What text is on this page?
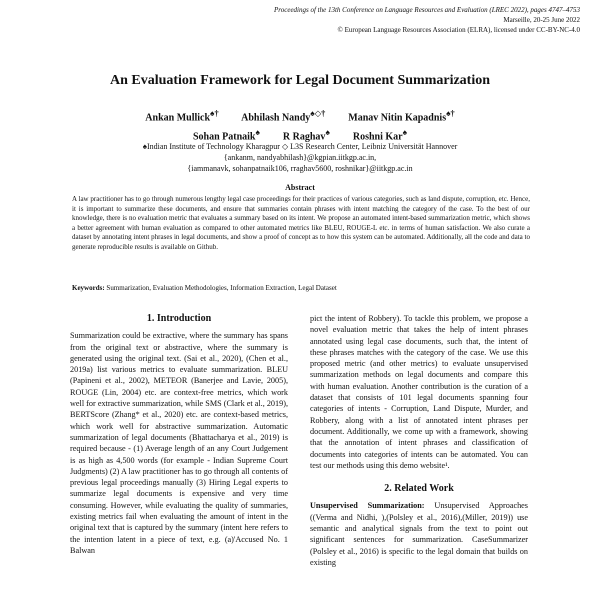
Proceedings of the 13th Conference on Language Resources and Evaluation (LREC 2022), pages 4747–4753
Marseille, 20-25 June 2022
© European Language Resources Association (ELRA), licensed under CC-BY-NC-4.0
An Evaluation Framework for Legal Document Summarization
Ankan Mullick♠† Abhilash Nandy♠◇† Manav Nitin Kapadnis♠†
Sohan Patnaik♠ R Raghav♠ Roshni Kar♠
♠Indian Institute of Technology Kharagpur ◇ L3S Research Center, Leibniz Universität Hannover
{ankanm, nandyabhilash}@kgpian.iitkgp.ac.in,
{iammanavk, sohanpatnaik106, rraghav5600, roshnikar}@iitkgp.ac.in
Abstract
A law practitioner has to go through numerous lengthy legal case proceedings for their practices of various categories, such as land dispute, corruption, etc. Hence, it is important to summarize these documents, and ensure that summaries contain phrases with intent matching the category of the case. To the best of our knowledge, there is no evaluation metric that evaluates a summary based on its intent. We propose an automated intent-based summarization metric, which shows a better agreement with human evaluation as compared to other automated metrics like BLEU, ROUGE-L etc. in terms of human satisfaction. We also curate a dataset by annotating intent phrases in legal documents, and show a proof of concept as to how this system can be automated. Additionally, all the code and data to generate reproducible results is available on Github.
Keywords: Summarization, Evaluation Methodologies, Information Extraction, Legal Dataset
1. Introduction

Summarization could be extractive, where the summary has spans from the original text or abstractive, where the summary is generated using the original text. (Sai et al., 2020), (Chen et al., 2019a) list various metrics to evaluate summarization. BLEU (Papineni et al., 2002), METEOR (Banerjee and Lavie, 2005), ROUGE (Lin, 2004) etc. are context-free metrics, which work well for extractive summarization, while SMS (Clark et al., 2019), BERTScore (Zhang* et al., 2020) etc. are context-based metrics, which work well for abstractive summarization. Automatic summarization of legal documents (Bhattacharya et al., 2019) is required because - (1) Average length of an any Court Judgement is as high as 4,500 words (for example - Indian Supreme Court Judgments) (2) A law practitioner has to go through all contents of previous legal proceedings manually (3) Hiring Legal experts to summarize legal documents is expensive and very time consuming. However, while evaluating the quality of summaries, existing metrics fail when evaluating the amount of intent in the original text that is captured by the summary (intent here refers to the intention latent in a piece of text, e.g. (a)'Accused No. 1 Balwan

pict the intent of Robbery). To tackle this problem, we propose a novel evaluation metric that takes the help of intent phrases annotated using legal case documents, such that, the intent of these phrases matches with the category of the case. We use this proposed metric (and other metrics) to evaluate unsupervised summarization methods on legal documents and compare this with human evaluation. Another contribution is the curation of a dataset that consists of 101 legal documents spanning four categories of intents - Corruption, Land Dispute, Murder, and Robbery, along with a list of annotated intent phrases per document. Additionally, we come up with a framework, showing that the annotation of intent phrases and classification of documents into categories of intents can be automated. You can test our methods using this demo website¹.

2. Related Work

Unsupervised Summarization: Unsupervised Approaches ((Verma and Nidhi, ),(Polsley et al., 2016),(Miller, 2019)) use semantic and analytical signals from the text to point out significant sentences for summarization. CaseSummarizer (Polsley et al., 2016) is specific to the legal domain that builds on existing
